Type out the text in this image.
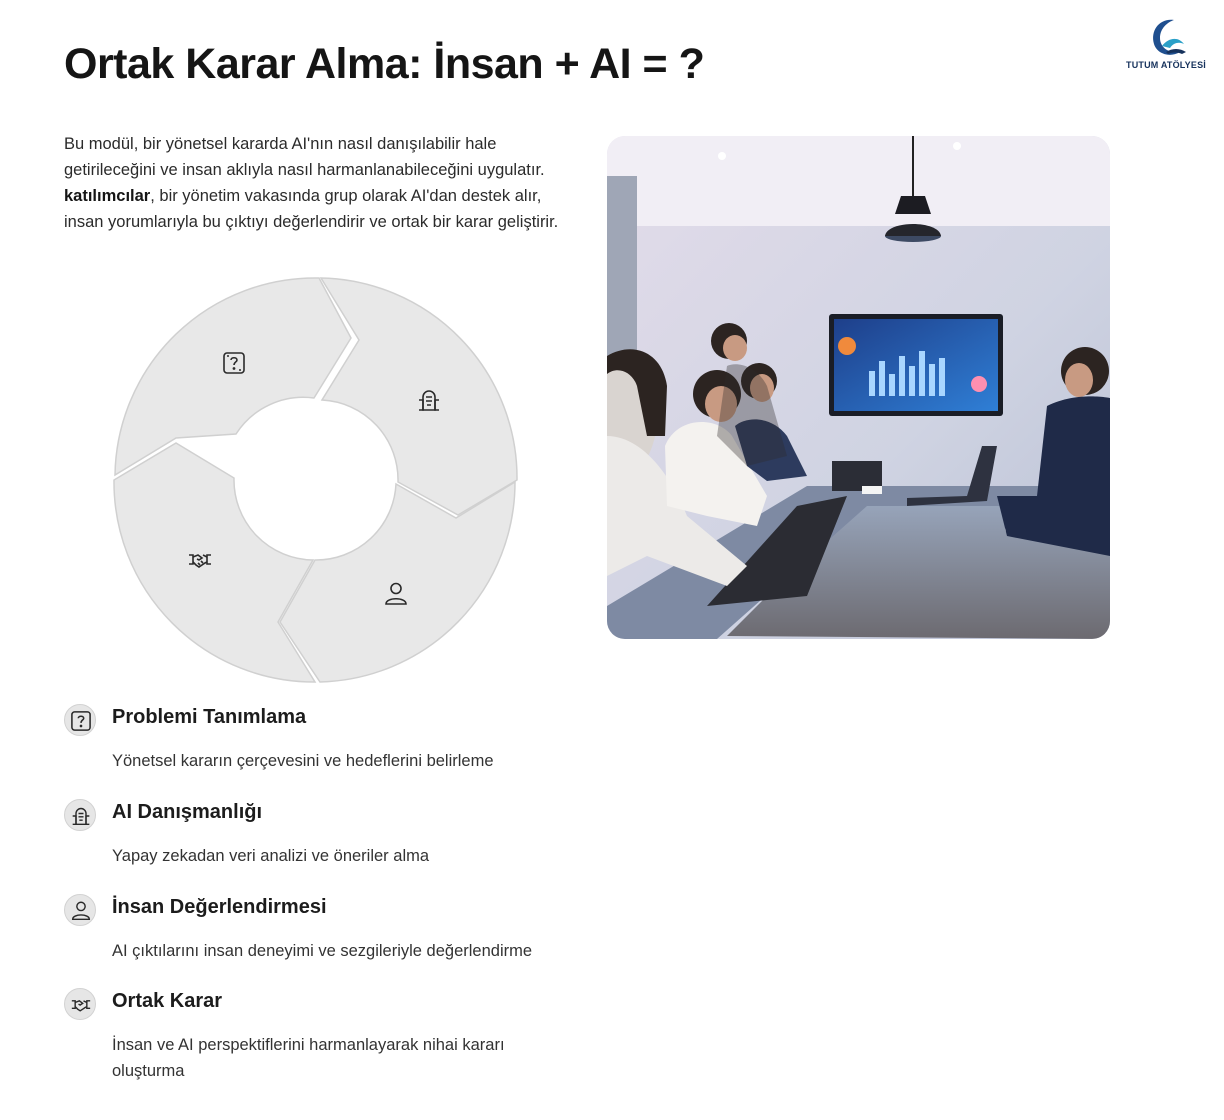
Ortak Karar Alma: İnsan + AI = ?	TUTUM ATÖLYESİ

Bu modül, bir yönetsel kararda AI'nın nasıl danışılabilir hale getirileceğini ve insan aklıyla nasıl harmanlanabileceğini uygulatır. katılımcılar, bir yönetim vakasında grup olarak AI'dan destek alır, insan yorumlarıyla bu çıktıyı değerlendirir ve ortak bir karar geliştirir.

Problemi Tanımlama
Yönetsel kararın çerçevesini ve hedeflerini belirleme
AI Danışmanlığı
Yapay zekadan veri analizi ve öneriler alma
İnsan Değerlendirmesi
AI çıktılarını insan deneyimi ve sezgileriyle değerlendirme
Ortak Karar
İnsan ve AI perspektiflerini harmanlayarak nihai kararı oluşturma
